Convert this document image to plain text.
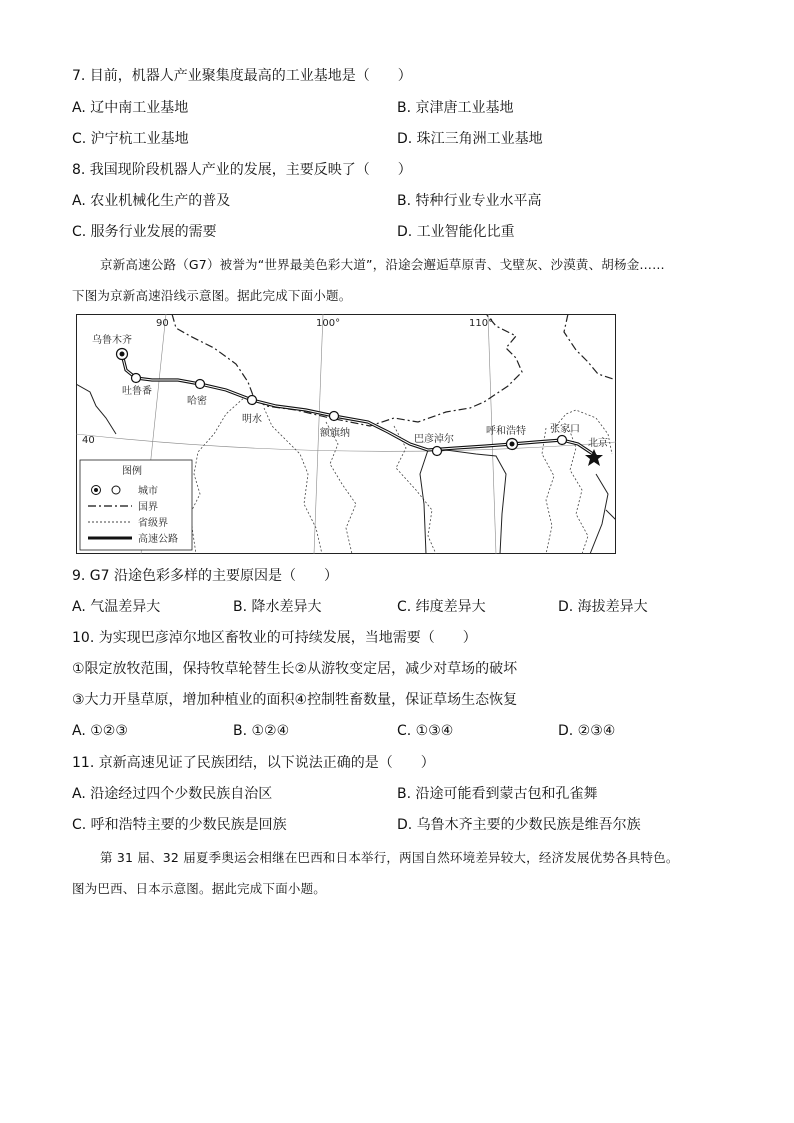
7. 目前，机器人产业聚集度最高的工业基地是（　　）
A. 辽中南工业基地	B. 京津唐工业基地
C. 沪宁杭工业基地	D. 珠江三角洲工业基地
8. 我国现阶段机器人产业的发展，主要反映了（　　）
A. 农业机械化生产的普及	B. 特种行业专业水平高
C. 服务行业发展的需要	D. 工业智能化比重
京新高速公路（G7）被誉为“世界最美色彩大道”，沿途会邂逅草原青、戈壁灰、沙漠黄、胡杨金……
下图为京新高速沿线示意图。据此完成下面小题。
90	100°	110°
40
乌鲁木齐
吐鲁番
哈密
明水
额旗纳
巴彦淖尔
呼和浩特 张家口
北京
图例
城市
国界
省级界
高速公路
9. G7 沿途色彩多样的主要原因是（　　）
A. 气温差异大	B. 降水差异大	C. 纬度差异大	D. 海拔差异大
10. 为实现巴彦淖尔地区畜牧业的可持续发展，当地需要（　　）
①限定放牧范围，保持牧草轮替生长②从游牧变定居，减少对草场的破坏
③大力开垦草原，增加种植业的面积④控制牲畜数量，保证草场生态恢复
A. ①②③	B. ①②④	C. ①③④	D. ②③④
11. 京新高速见证了民族团结，以下说法正确的是（　　）
A. 沿途经过四个少数民族自治区	B. 沿途可能看到蒙古包和孔雀舞
C. 呼和浩特主要的少数民族是回族	D. 乌鲁木齐主要的少数民族是维吾尔族
第 31 届、32 届夏季奥运会相继在巴西和日本举行，两国自然环境差异较大，经济发展优势各具特色。
图为巴西、日本示意图。据此完成下面小题。
